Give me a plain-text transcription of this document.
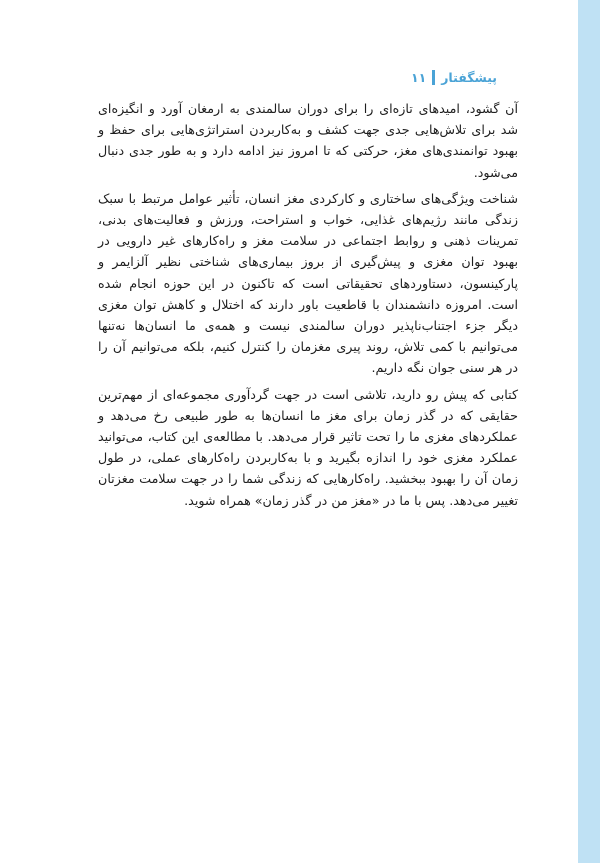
پیشگفتار
۱۱

آن گشود، امیدهای تازه‌ای را برای دوران سالمندی به ارمغان آورد و انگیزه‌ای شد برای تلاش‌هایی جدی جهت کشف و به‌کاربردن استراتژی‌هایی برای حفظ و بهبود توانمندی‌های مغز، حرکتی که تا امروز نیز ادامه دارد و به طور جدی دنبال می‌شود.

شناخت ویژگی‌های ساختاری و کارکردی مغز انسان، تأثیر عوامل مرتبط با سبک زندگی مانند رژیم‌های غذایی، خواب و استراحت، ورزش و فعالیت‌های بدنی، تمرینات ذهنی و روابط اجتماعی در سلامت مغز و راه‌کارهای غیر دارویی در بهبود توان مغزی و پیش‌گیری از بروز بیماری‌های شناختی نظیر آلزایمر و پارکینسون، دستاوردهای تحقیقاتی است که تاکنون در این حوزه انجام شده است. امروزه دانشمندان با قاطعیت باور دارند که اختلال و کاهش توان مغزی دیگر جزء اجتناب‌ناپذیر دوران سالمندی نیست و همه‌ی ما انسان‌ها نه‌تنها می‌توانیم با کمی تلاش، روند پیری مغزمان را کنترل کنیم، بلکه می‌توانیم آن را در هر سنی جوان نگه داریم.

کتابی که پیش رو دارید، تلاشی است در جهت گردآوری مجموعه‌ای از مهم‌ترین حقایقی که در گذر زمان برای مغز ما انسان‌ها به طور طبیعی رخ می‌دهد و عملکردهای مغزی ما را تحت تاثیر قرار می‌دهد. با مطالعه‌ی این کتاب، می‌توانید عملکرد مغزی خود را اندازه بگیرید و با به‌کاربردن راه‌کارهای عملی، در طول زمان آن را بهبود ببخشید. راه‌کارهایی که زندگی شما را در جهت سلامت مغزتان تغییر می‌دهد. پس با ما در «مغز من در گذر زمان» همراه شوید.
